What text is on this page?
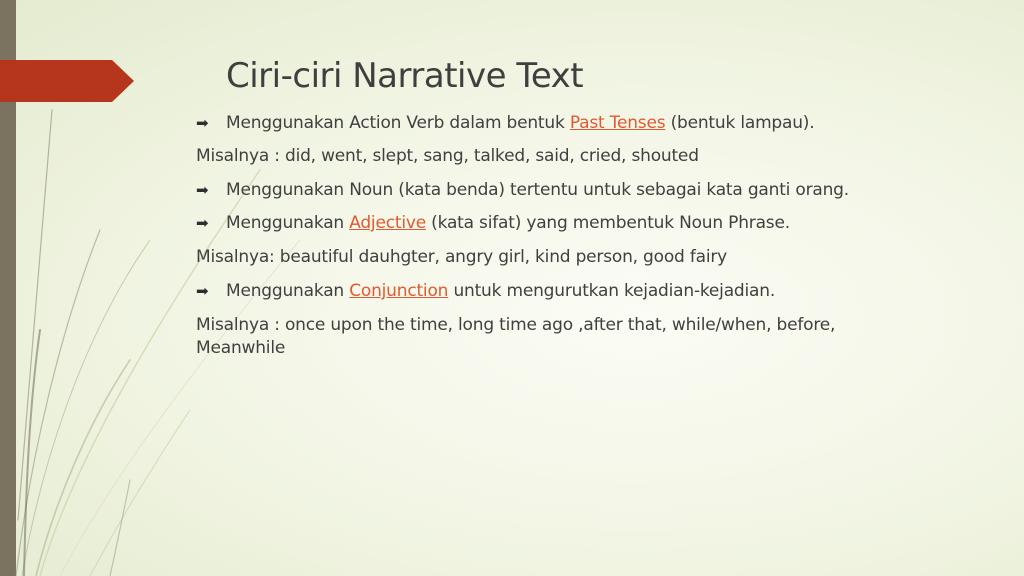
Ciri-ciri Narrative Text
➡	Menggunakan Action Verb dalam bentuk Past Tenses (bentuk lampau).
Misalnya : did, went, slept, sang, talked, said, cried, shouted
➡	Menggunakan Noun (kata benda) tertentu untuk sebagai kata ganti orang.
➡	Menggunakan Adjective (kata sifat) yang membentuk Noun Phrase.
Misalnya: beautiful dauhgter, angry girl, kind person, good fairy
➡	Menggunakan Conjunction untuk mengurutkan kejadian-kejadian.
Misalnya : once upon the time, long time ago ,after that, while/when, before,
Meanwhile
